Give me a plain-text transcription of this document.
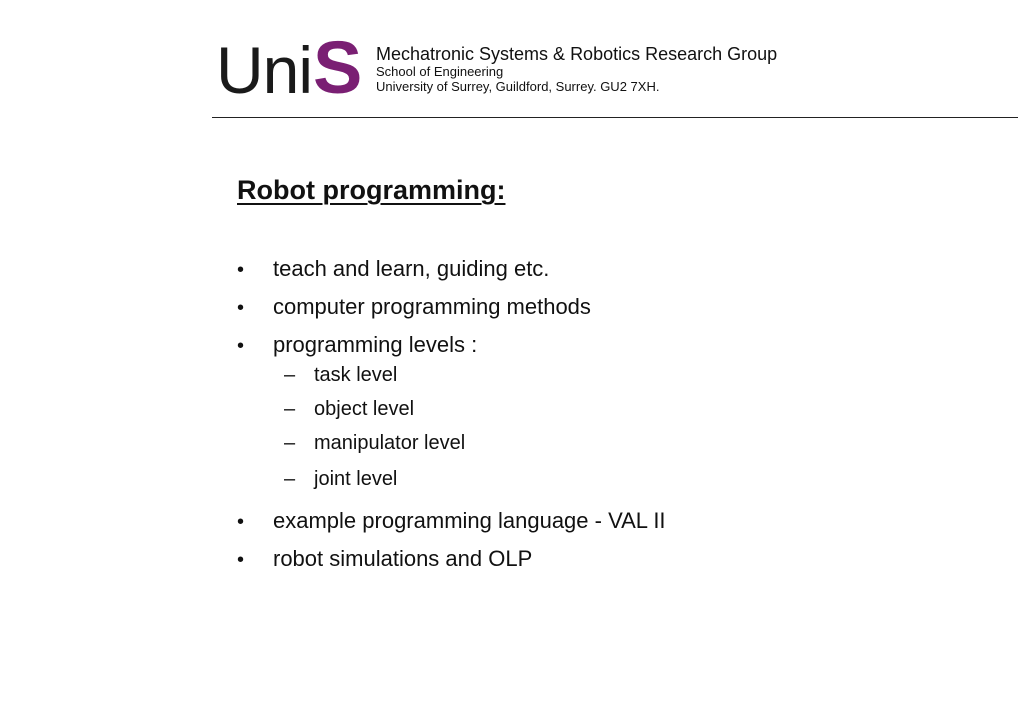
Uni S Mechatronic Systems & Robotics Research Group

School of Engineering

University of Surrey, Guildford, Surrey. GU2 7XH.

Robot programming:
•	teach and learn, guiding etc.
•	computer programming methods
•	programming levels :
– task level
– object level
– manipulator level
– joint level
•	example programming language - VAL II
•	robot simulations and OLP
